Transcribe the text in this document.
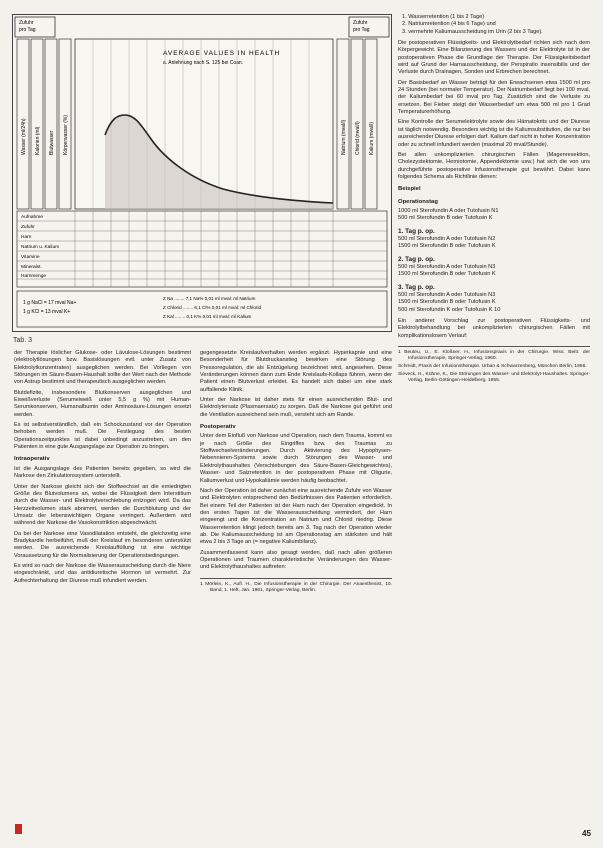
Zufuhr
pro Tag
Zufuhr
pro Tag
Wasser (ml/24h) Kalorien (ml) Blutwasser Körperwasser (%)	Natrium (mval/l) Chlorid (mval/l) Kalium (mval/l)
AVERAGE VALUES IN HEALTH
a. Anlehnung nach S. 125 bei Coan.
Aufnahme
Zufuhr
Harn
Natrium u. Kalium
Vitamine
Mineralst.
Harnmenge
1 g NaCl = 17 mval Na+
1 g KCl = 13 mval K+
Z Na ........ 7,1 Na% 0,01 ml mval: ml Natrium
Z Chlorid ........ 6,1 Cl% 0,01 ml mval: ml Chlorid
Z Kal ........ 0,1 K% 0,01 ml mval: ml Kalium
Tab. 3

der Therapie löslicher Glukose- oder Lävulose-Lösungen bestimmt (elektrolytlösungen bzw. Basislösungen evtl. unter Zusatz von Elektrolytkonzentraten) ausgeglichen werden. Bei Vorliegen von Störungen im Säure-Basen-Haushalt sollte der Wert nach der Methode von Astrup bestimmt und therapeutisch ausgeglichen werden.

Blutdefizite, insbesondere Blutkonserven ausgeglichen und Eiweißverluste (Serumeiweiß unter 5,5 g %) mit Human-Serumkonserven, Humanalbumin oder Aminosäure-Lösungen ersetzt werden.

Es ist selbstverständlich, daß ein Schockzustand vor der Operation behoben werden muß. Die Festlegung des besten Operationszeitpunktes ist dabei unbedingt anzustreben, um den Patienten in eine gute Ausgangslage zur Operation zu bringen.

Intraoperativ

Ist die Ausgangslage des Patienten bereits gegeben, so wird die Narkose den Zirkulationssystem unterstellt.

Unter der Narkose gleicht sich der Stoffwechsel an die erniedrigten Größe des Blutvolumens an, wobei die Flüssigkeit dem Interstitium durch die Wasser- und Elektrolytverschiebung entzogen wird. Da das Herzzeitvolumen stark abnimmt, werden die Durchblutung und der Umsatz der lebenswichtigen Organe verringert. Außerdem wird während der Narkose die Vasokonstriktion abgeschwächt.

Da bei der Narkose eine Vasodilatation entsteht, die gleichzeitig eine Bradykardie herbeiführt, muß der Kreislauf im besonderen unterstützt werden. Die ausreichende Kreislauffüllung ist eine wichtige Voraussetzung für die Normalisierung der Operationsbedingungen.

Es wird so nach der Narkose die Wasserausscheidung durch die Niere eingeschränkt, und das antidiuretische Hormon ist vermehrt. Zur Aufrechterhaltung der Diurese muß infundiert werden.

gegengesetzte Kreislaufverhalten werden ergänzt. Hyperkapnie und eine Besonderheit für Blutdruckanstieg bewirken eine Störung des Pressoregulation, die als Entzügelung bezeichnet wird, angesehen. Diese Veränderungen können dann zum Ende Kreislaufs-Kollaps führen, wenn der Patient einen Blutverlust erleidet. Es handelt sich dabei um eine stark auffallende Klinik.

Unter der Narkose ist daher stets für einen ausreichenden Blut- und Elektrolytersatz (Plasmaersatz) zu sorgen. Daß die Narkose gut geführt und die Ventilation ausreichend sein muß, versteht sich am Rande.

Postoperativ

Unter dem Einfluß von Narkose und Operation, nach dem Trauma, kommt es je nach Größe des Eingriffes bzw. des Traumas zu Stoffwechselveränderungen. Durch Aktivierung des Hypophysen-Nebennieren-Systems sowie durch Störungen des Wasser- und Elektrolythaushaltes (Verschiebungen des Säure-Basen-Gleichgewichtes), Wasser- und Salzretention in der postoperativen Phase mit Oligurie, Kaliumverlust und Hypokaliämie werden häufig beobachtet.

Nach der Operation ist daher zunächst eine ausreichende Zufuhr von Wasser und Elektrolyten entsprechend den Bedürfnissen des Patienten erforderlich. Bei einem Teil der Patienten ist der Harn nach der Operation eingedickt. In den ersten Tagen ist die Wasserausscheidung vermindert, der Harn eingeengt und die Konzentration an Natrium und Chlorid niedrig. Diese Wasserretention klingt jedoch bereits am 3. Tag nach der Operation wieder ab. Die Kaliumausscheidung ist am Operationstag am stärksten und hält etwa 2 bis 3 Tage an (= negative Kaliumbilanz).

Zusammenfassend kann also gesagt werden, daß nach allen größeren Operationen und Traumen charakteristische Veränderungen des Wasser- und Elektrolythaushaltes auftreten:

1 Mörlein, K., Aufl. H., Die Infusionstherapie in der Chirurgie. Der Anaesthesist, 10. Band, 1. Heft, Jan. 1961, Springer-Verlag, Berlin.
1. Wasserretention (1 bis 2 Tage)
2. Natriumretention (4 bis 6 Tage) und
3. vermehrte Kaliumausscheidung im Urin (2 bis 3 Tage).

Die postoperativen Flüssigkeits- und Elektrolytbedarf richten sich nach dem Körpergewicht. Eine Bilanzierung des Wassers und der Elektrolyte ist in der postoperativen Phase die Grundlage der Therapie. Der Flüssigkeitsbedarf wird auf Grund der Harnausscheidung, der Perspiratio insensibilis und der Verluste durch Drainagen, Sonden und Erbrechen berechnet.

Der Basisbedarf an Wasser beträgt für den Erwachsenen etwa 1500 ml pro 24 Stunden (bei normaler Temperatur). Der Natriumbedarf liegt bei 100 mval, der Kaliumbedarf bei 60 mval pro Tag. Zusätzlich sind die Verluste zu ersetzen. Bei Fieber steigt der Wasserbedarf um etwa 500 ml pro 1 Grad Temperaturerhöhung.

Eine Kontrolle der Serumelektrolyte sowie des Hämatokrits und der Diurese ist täglich notwendig. Besonders wichtig ist die Kaliumsubstitution, die nur bei ausreichender Diurese erfolgen darf. Kalium darf nicht in hoher Konzentration oder zu schnell infundiert werden (maximal 20 mval/Stunde).

Bei allen unkomplizierten chirurgischen Fällen (Magenresektion, Cholezystektomie, Herniotomie, Appendektomie usw.) hat sich die von uns durchgeführte postoperative Infusionstherapie gut bewährt. Dabei kann folgendes Schema als Richtlinie dienen:

Beispiel
Operationstag
1000 ml Sterofundin A oder Tutofusin N1
500 ml Sterofundin B oder Tutofusin K
1. Tag p. op.
500 ml Sterofundin A oder Tutofusin N2
1500 ml Sterofundin B oder Tutofusin K
2. Tag p. op.
500 ml Sterofundin A oder Tutofusin N3
1500 ml Sterofundin B oder Tutofusin K
3. Tag p. op.
500 ml Sterofundin A oder Tutofusin N3
1500 ml Sterofundin B oder Tutofusin K
500 ml Sterofundin K oder Tutofusin K 10

Ein anderer Vorschlag zur postoperativen Flüssigkeits- und Elektrolytbehandlung bei unkomplizierten chirurgischen Fällen mit komplikationslosem Verlauf:

1 Beuteu, U., E. Kloßner, H., Infusionspraxis in der Chirurgie. Wiss. Beitr. der Infusionstherapie, Springer-Verlag, 1960.
Schmidt, Praxis der Infusionstherapie. Urban & Schwarzenberg, München Berlin, 1956.
Sieveck, H., Kühne, K., Die Störungen des Wasser- und Elektrolyt-Haushaltes. Springer-Verlag, Berlin-Göttingen-Heidelberg, 1955.
45
